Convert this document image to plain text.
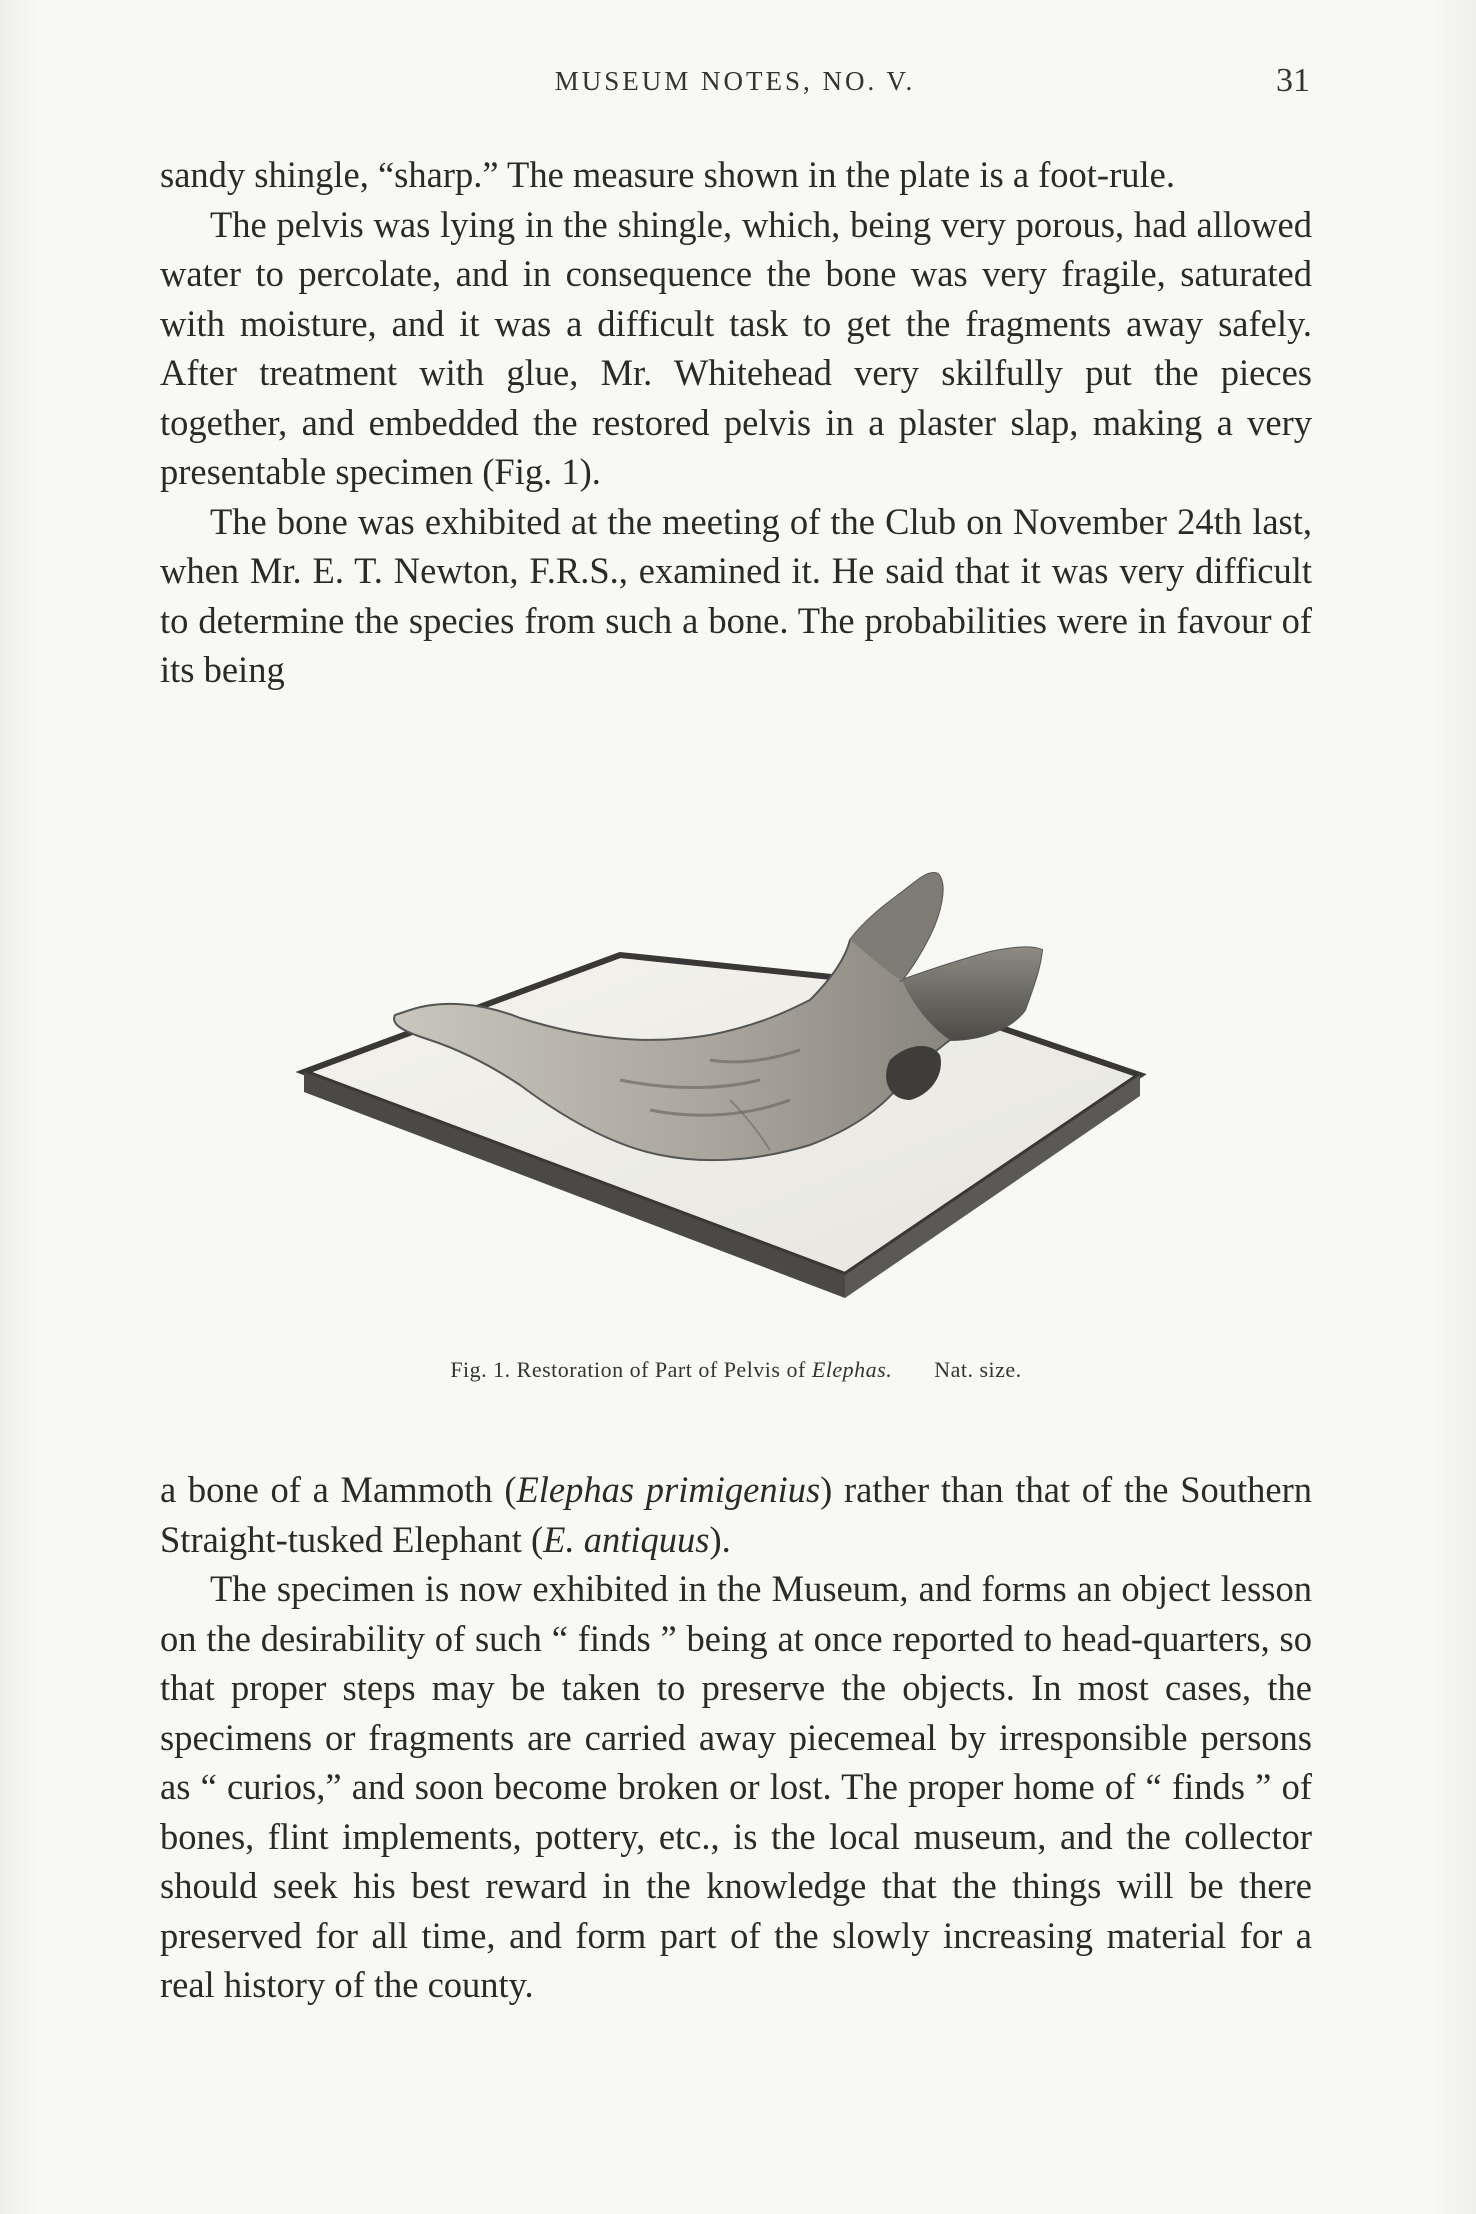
MUSEUM NOTES, NO. V.	31

sandy shingle, “sharp.” The measure shown in the plate is a foot-rule.

The pelvis was lying in the shingle, which, being very porous, had allowed water to percolate, and in consequence the bone was very fragile, saturated with moisture, and it was a difficult task to get the fragments away safely. After treatment with glue, Mr. Whitehead very skilfully put the pieces together, and embedded the restored pelvis in a plaster slap, making a very presentable specimen (Fig. 1).

The bone was exhibited at the meeting of the Club on November 24th last, when Mr. E. T. Newton, F.R.S., examined it. He said that it was very difficult to determine the species from such a bone. The probabilities were in favour of its being

Fig. 1. Restoration of Part of Pelvis of Elephas. Nat. size.

a bone of a Mammoth (Elephas primigenius) rather than that of the Southern Straight-tusked Elephant (E. antiquus).

The specimen is now exhibited in the Museum, and forms an object lesson on the desirability of such “ finds ” being at once reported to head-quarters, so that proper steps may be taken to preserve the objects. In most cases, the specimens or fragments are carried away piecemeal by irresponsible persons as “ curios,” and soon become broken or lost. The proper home of “ finds ” of bones, flint implements, pottery, etc., is the local museum, and the collector should seek his best reward in the knowledge that the things will be there preserved for all time, and form part of the slowly increasing material for a real history of the county.
